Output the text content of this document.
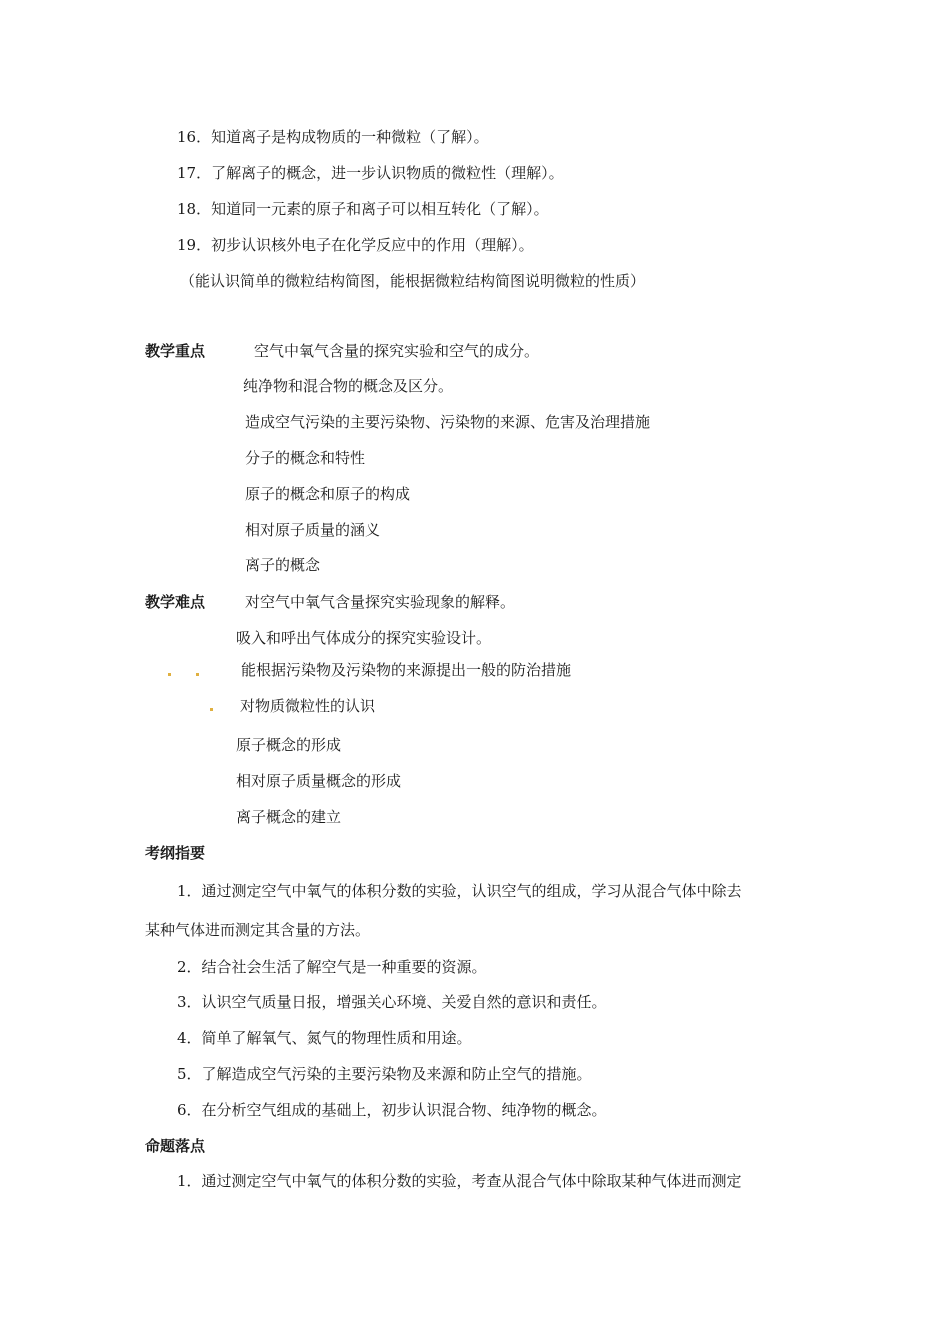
16．知道离子是构成物质的一种微粒（了解）。
17．了解离子的概念，进一步认识物质的微粒性（理解）。
18．知道同一元素的原子和离子可以相互转化（了解）。
19．初步认识核外电子在化学反应中的作用（理解）。
（能认识简单的微粒结构简图，能根据微粒结构简图说明微粒的性质）
教学重点	空气中氧气含量的探究实验和空气的成分。
纯净物和混合物的概念及区分。
造成空气污染的主要污染物、污染物的来源、危害及治理措施
分子的概念和特性
原子的概念和原子的构成
相对原子质量的涵义
离子的概念
教学难点	对空气中氧气含量探究实验现象的解释。
吸入和呼出气体成分的探究实验设计。
能根据污染物及污染物的来源提出一般的防治措施
对物质微粒性的认识
原子概念的形成
相对原子质量概念的形成
离子概念的建立
考纲指要
1．通过测定空气中氧气的体积分数的实验，认识空气的组成，学习从混合气体中除去
某种气体进而测定其含量的方法。
2．结合社会生活了解空气是一种重要的资源。
3．认识空气质量日报，增强关心环境、关爱自然的意识和责任。
4．简单了解氧气、氮气的物理性质和用途。
5．了解造成空气污染的主要污染物及来源和防止空气的措施。
6．在分析空气组成的基础上，初步认识混合物、纯净物的概念。
命题落点
1．通过测定空气中氧气的体积分数的实验，考查从混合气体中除取某种气体进而测定
